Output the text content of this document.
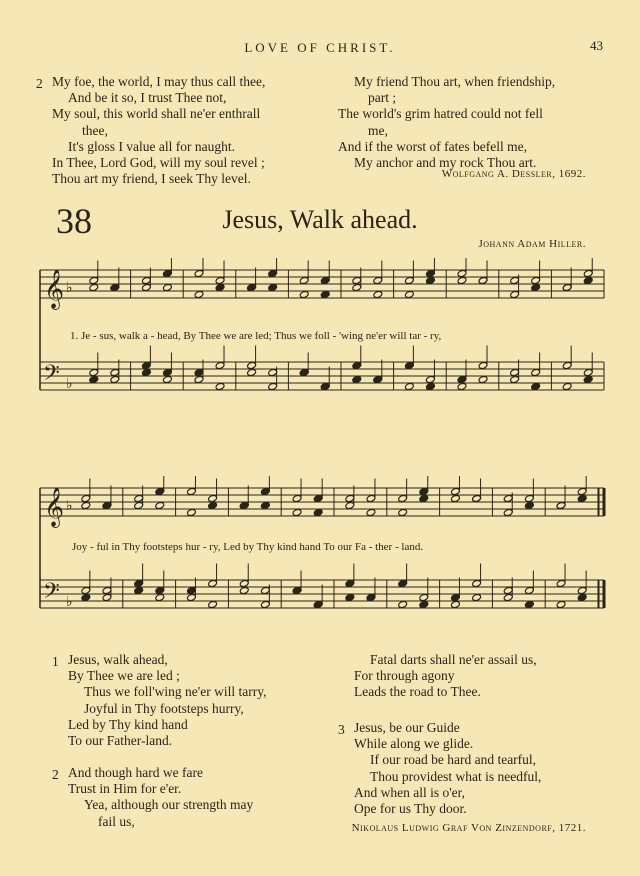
LOVE OF CHRIST.	43
2 My foe, the world, I may thus call thee,
And be it so, I trust Thee not,
My soul, this world shall ne'er enthrall
thee,
It's gloss I value all for naught.
In Thee, Lord God, will my soul revel ;
Thou art my friend, I seek Thy level.
My friend Thou art, when friendship,
part ;
The world's grim hatred could not fell
me,
And if the worst of fates befell me,
My anchor and my rock Thou art.
Wolfgang A. Dessler, 1692.
38	Jesus, Walk ahead.
Johann Adam Hiller.
𝄞
𝄢
♭
♭
1. Je - sus, walk a - head, By Thee we are led; Thus we foll - 'wing ne'er will tar - ry,
𝄞
𝄢
♭
♭
Joy - ful in Thy footsteps hur - ry, Led by Thy kind hand To our Fa - ther - land.
1 Jesus, walk ahead,
By Thee we are led ;
Thus we foll'wing ne'er will tarry,
Joyful in Thy footsteps hurry,
Led by Thy kind hand
To our Father-land.
2 And though hard we fare
Trust in Him for e'er.
Yea, although our strength may
fail us,
Fatal darts shall ne'er assail us,
For through agony
Leads the road to Thee.
3 Jesus, be our Guide
While along we glide.
If our road be hard and tearful,
Thou providest what is needful,
And when all is o'er,
Ope for us Thy door.
Nikolaus Ludwig Graf Von Zinzendorf, 1721.
